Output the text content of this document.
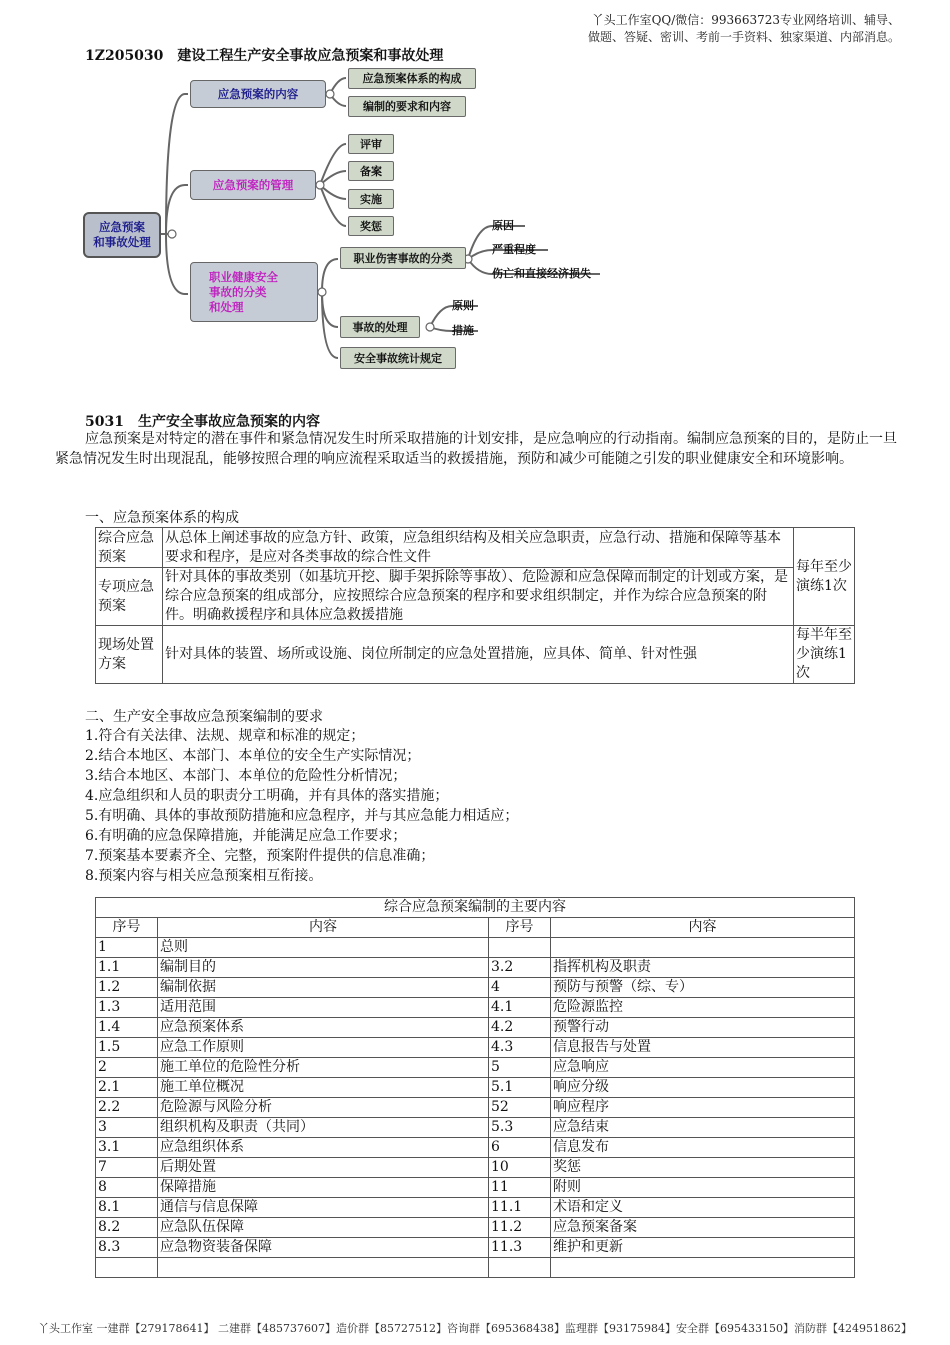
丫头工作室QQ/微信：993663723专业网络培训、辅导、
做题、答疑、密训、考前一手资料、独家渠道、内部消息。
1Z205030 建设工程生产安全事故应急预案和事故处理
应急预案
和事故处理
应急预案的内容
应急预案体系的构成
编制的要求和内容
应急预案的管理
评审
备案
实施
奖惩
职业健康安全
事故的分类
和处理
职业伤害事故的分类
原因
严重程度
伤亡和直接经济损失
事故的处理
原则
措施
安全事故统计规定
5031 生产安全事故应急预案的内容
应急预案是对特定的潜在事件和紧急情况发生时所采取措施的计划安排，是应急响应的行动指南。编制应急预案的目的，是防止一旦紧急情况发生时出现混乱，能够按照合理的响应流程采取适当的救援措施，预防和减少可能随之引发的职业健康安全和环境影响。
一、应急预案体系的构成
综合应急预案	从总体上阐述事故的应急方针、政策，应急组织结构及相关应急职责，应急行动、措施和保障等基本要求和程序，是应对各类事故的综合性文件	每年至少演练1次
专项应急预案	针对具体的事故类别（如基坑开挖、脚手架拆除等事故）、危险源和应急保障而制定的计划或方案，是综合应急预案的组成部分，应按照综合应急预案的程序和要求组织制定，并作为综合应急预案的附件。明确救援程序和具体应急救援措施	
现场处置方案	针对具体的装置、场所或设施、岗位所制定的应急处置措施，应具体、简单、针对性强	每半年至少演练1次
二、生产安全事故应急预案编制的要求
1.符合有关法律、法规、规章和标准的规定；
2.结合本地区、本部门、本单位的安全生产实际情况；
3.结合本地区、本部门、本单位的危险性分析情况；
4.应急组织和人员的职责分工明确，并有具体的落实措施；
5.有明确、具体的事故预防措施和应急程序，并与其应急能力相适应；
6.有明确的应急保障措施，并能满足应急工作要求；
7.预案基本要素齐全、完整，预案附件提供的信息准确；
8.预案内容与相关应急预案相互衔接。
综合应急预案编制的主要内容			
序号	内容	序号	内容
1	总则		
1.1	编制目的	3.2	指挥机构及职责
1.2	编制依据	4	预防与预警（综、专）
1.3	适用范围	4.1	危险源监控
1.4	应急预案体系	4.2	预警行动
1.5	应急工作原则	4.3	信息报告与处置
2	施工单位的危险性分析	5	应急响应
2.1	施工单位概况	5.1	响应分级
2.2	危险源与风险分析	52	响应程序
3	组织机构及职责（共同）	5.3	应急结束
3.1	应急组织体系	6	信息发布
7	后期处置	10	奖惩
8	保障措施	11	附则
8.1	通信与信息保障	11.1	术语和定义
8.2	应急队伍保障	11.2	应急预案备案
8.3	应急物资装备保障	11.3	维护和更新

丫头工作室 一建群【279178641】 二建群【485737607】造价群【85727512】咨询群【695368438】监理群【93175984】安全群【695433150】消防群【424951862】
